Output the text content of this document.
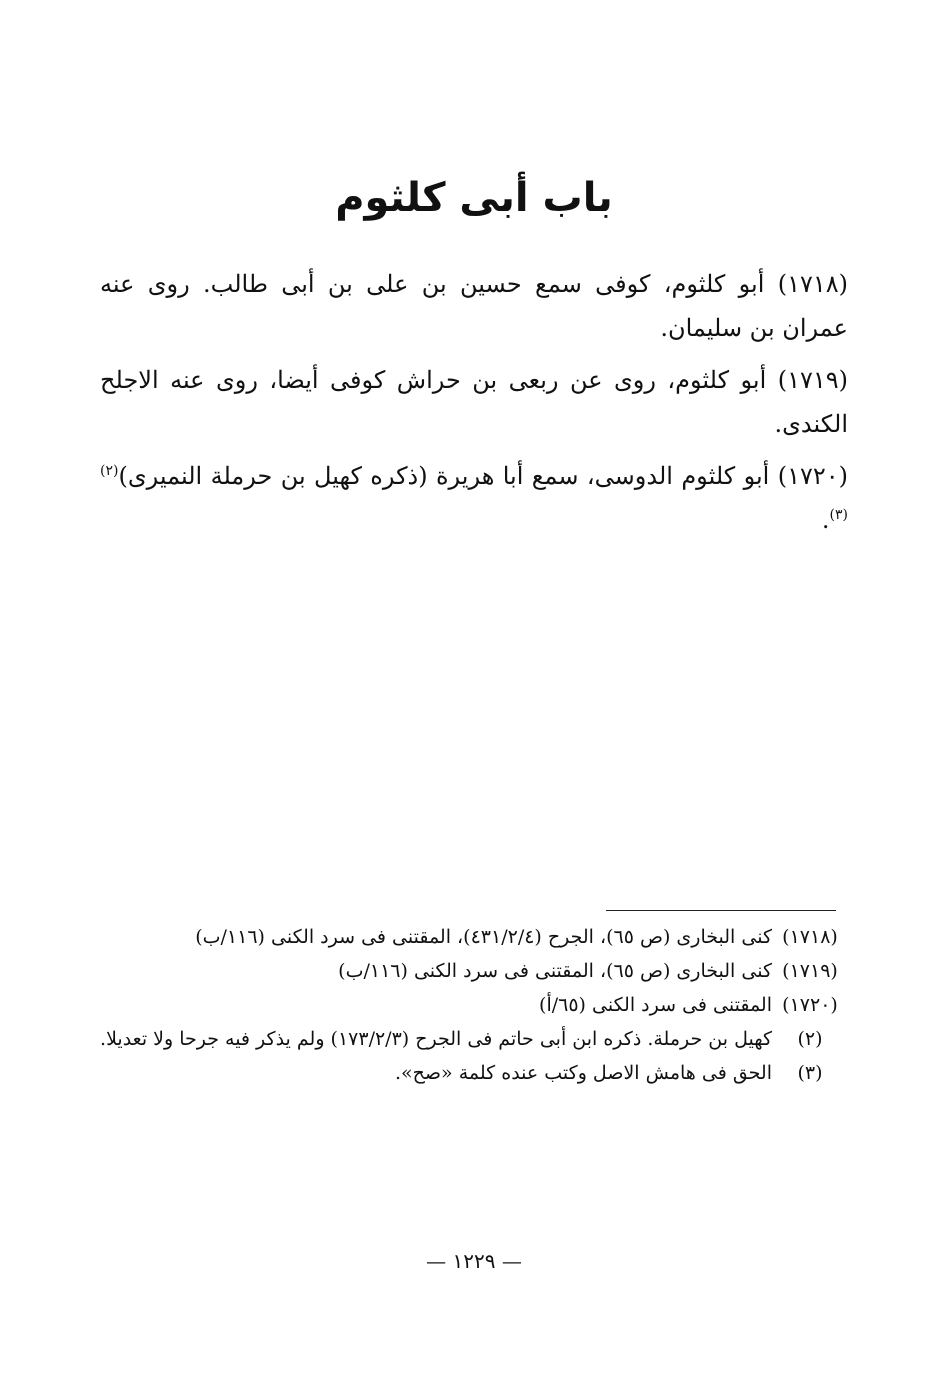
باب أبى كلثوم

(١٧١٨) أبو كلثوم، كوفى سمع حسين بن على بن أبى طالب. روى عنه عمران بن سليمان.

(١٧١٩) أبو كلثوم، روى عن ربعى بن حراش كوفى أيضا، روى عنه الاجلح الكندى.

(١٧٢٠) أبو كلثوم الدوسى، سمع أبا هريرة (ذكره كهيل بن حرملة النميرى)$^{(٢)(٣)}$.

(١٧١٨)
كنى البخارى (ص ٦٥)، الجرح (٤٣١/٢/٤)، المقتنى فى سرد الكنى (١١٦/ب)
(١٧١٩)
كنى البخارى (ص ٦٥)، المقتنى فى سرد الكنى (١١٦/ب)
(١٧٢٠)
المقتنى فى سرد الكنى (٦٥/أ)
(٢)
كهيل بن حرملة. ذكره ابن أبى حاتم فى الجرح (١٧٣/٢/٣) ولم يذكر فيه جرحا ولا تعديلا.
(٣)
الحق فى هامش الاصل وكتب عنده كلمة «صح».
— ١٢٢٩ —
